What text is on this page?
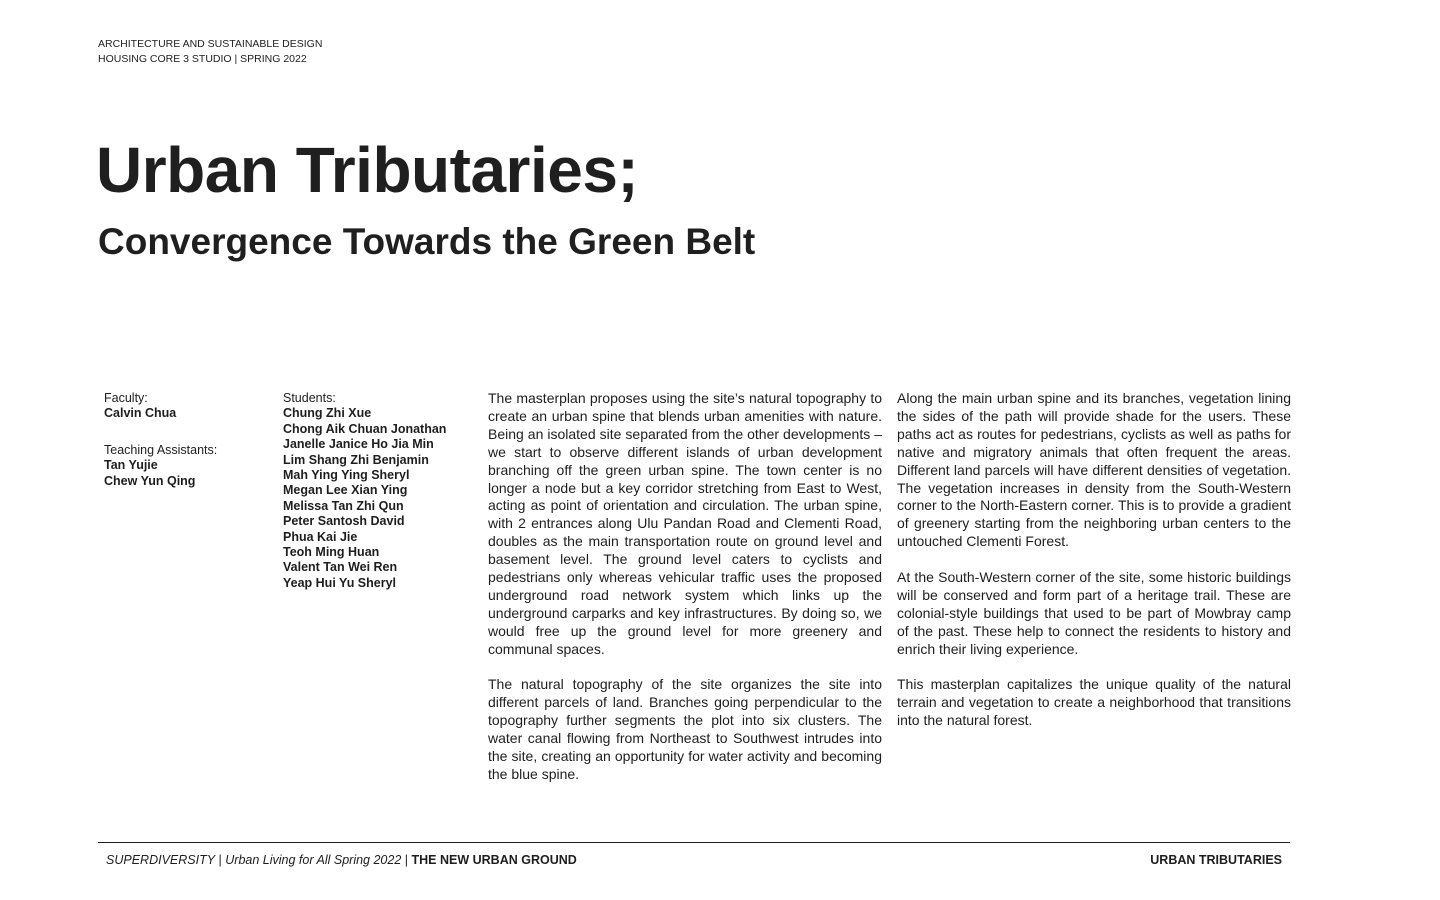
ARCHITECTURE AND SUSTAINABLE DESIGN
HOUSING CORE 3 STUDIO | SPRING 2022
Urban Tributaries;
Convergence Towards the Green Belt
Faculty:
Calvin Chua
Teaching Assistants:
Tan Yujie
Chew Yun Qing
Students:
Chung Zhi Xue
Chong Aik Chuan Jonathan
Janelle Janice Ho Jia Min
Lim Shang Zhi Benjamin
Mah Ying Ying Sheryl
Megan Lee Xian Ying
Melissa Tan Zhi Qun
Peter Santosh David
Phua Kai Jie
Teoh Ming Huan
Valent Tan Wei Ren
Yeap Hui Yu Sheryl

The masterplan proposes using the site’s natural topography to create an urban spine that blends urban amenities with nature. Being an isolated site separated from the other developments – we start to observe different islands of urban development branching off the green urban spine. The town center is no longer a node but a key corridor stretching from East to West, acting as point of orientation and circulation. The urban spine, with 2 entrances along Ulu Pandan Road and Clementi Road, doubles as the main transportation route on ground level and basement level. The ground level caters to cyclists and pedestrians only whereas vehicular traffic uses the proposed underground road network system which links up the underground carparks and key infrastructures. By doing so, we would free up the ground level for more greenery and communal spaces.

The natural topography of the site organizes the site into different parcels of land. Branches going perpendicular to the topography further segments the plot into six clusters. The water canal flowing from Northeast to Southwest intrudes into the site, creating an opportunity for water activity and becoming the blue spine.

Along the main urban spine and its branches, vegetation lining the sides of the path will provide shade for the users. These paths act as routes for pedestrians, cyclists as well as paths for native and migratory animals that often frequent the areas. Different land parcels will have different densities of vegetation. The vegetation increases in density from the South-Western corner to the North-Eastern corner. This is to provide a gradient of greenery starting from the neighboring urban centers to the untouched Clementi Forest.

At the South-Western corner of the site, some historic buildings will be conserved and form part of a heritage trail. These are colonial-style buildings that used to be part of Mowbray camp of the past. These help to connect the residents to history and enrich their living experience.

This masterplan capitalizes the unique quality of the natural terrain and vegetation to create a neighborhood that transitions into the natural forest.

SUPERDIVERSITY | Urban Living for All Spring 2022 | THE NEW URBAN GROUND	URBAN TRIBUTARIES
